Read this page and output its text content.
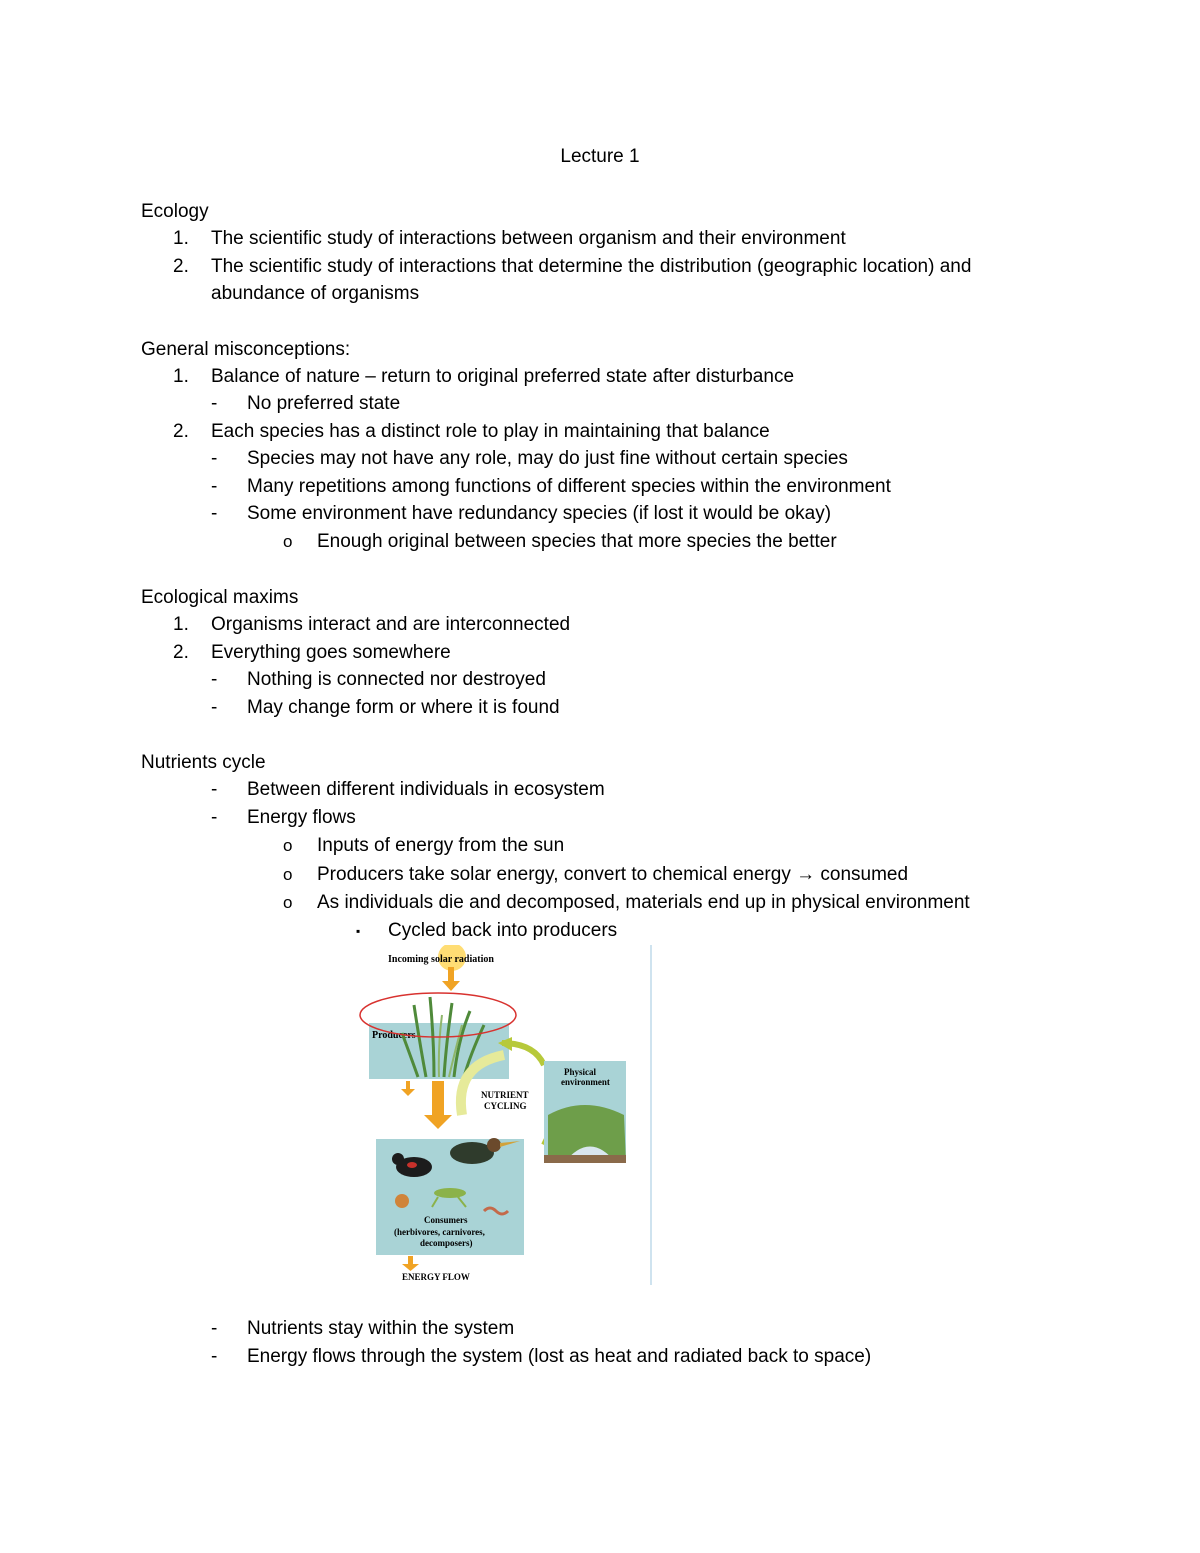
Lecture 1
Ecology
1. The scientific study of interactions between organism and their environment
2. The scientific study of interactions that determine the distribution (geographic location) and
abundance of organisms
General misconceptions:
1. Balance of nature – return to original preferred state after disturbance
- No preferred state
2. Each species has a distinct role to play in maintaining that balance
- Species may not have any role, may do just fine without certain species
- Many repetitions among functions of different species within the environment
- Some environment have redundancy species (if lost it would be okay)
o Enough original between species that more species the better
Ecological maxims
1. Organisms interact and are interconnected
2. Everything goes somewhere
- Nothing is connected nor destroyed
- May change form or where it is found
Nutrients cycle
- Between different individuals in ecosystem
- Energy flows
o Inputs of energy from the sun
o Producers take solar energy, convert to chemical energy → consumed
o As individuals die and decomposed, materials end up in physical environment
▪ Cycled back into producers
Incoming solar radiation
Producers
NUTRIENT
CYCLING
Physical
environment
Consumers
(herbivores, carnivores,
decomposers)
ENERGY FLOW
- Nutrients stay within the system
- Energy flows through the system (lost as heat and radiated back to space)
